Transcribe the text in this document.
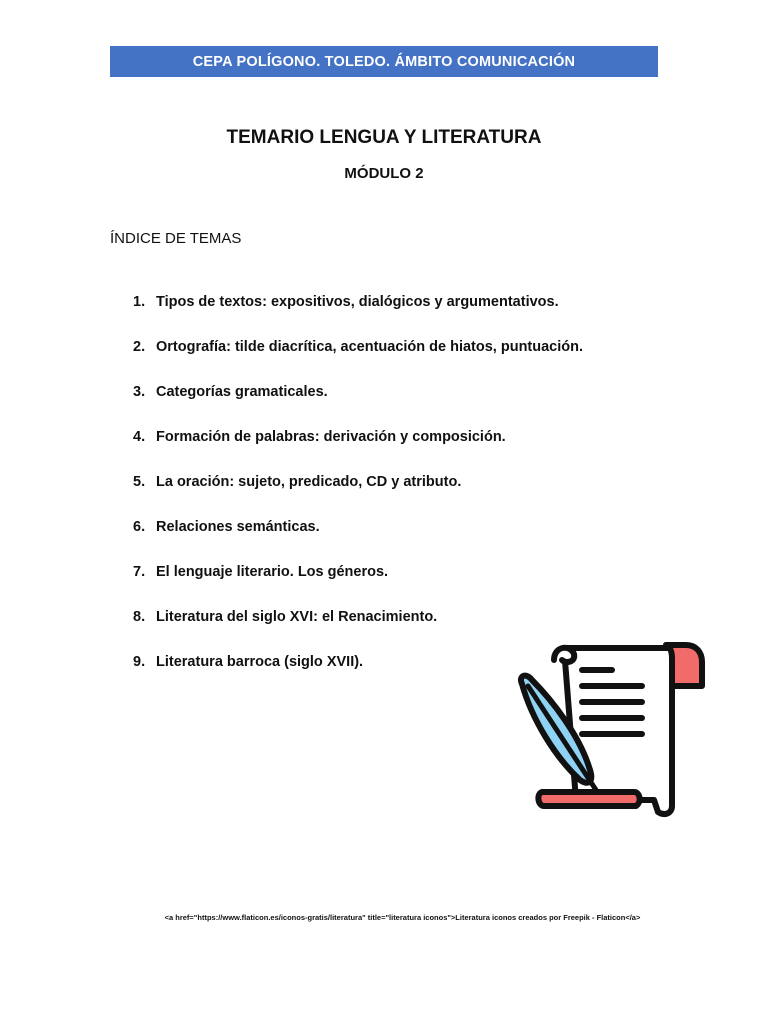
CEPA POLÍGONO. TOLEDO. ÁMBITO COMUNICACIÓN
TEMARIO LENGUA Y LITERATURA
MÓDULO 2
ÍNDICE DE TEMAS
1. Tipos de textos: expositivos, dialógicos y argumentativos.
2. Ortografía: tilde diacrítica, acentuación de hiatos, puntuación.
3. Categorías gramaticales.
4. Formación de palabras: derivación y composición.
5. La oración: sujeto, predicado, CD y atributo.
6. Relaciones semánticas.
7. El lenguaje literario. Los géneros.
8. Literatura del siglo XVI: el Renacimiento.
9. Literatura barroca (siglo XVII).
<a href="https://www.flaticon.es/iconos-gratis/literatura" title="literatura iconos">Literatura iconos creados por Freepik - Flaticon</a>
